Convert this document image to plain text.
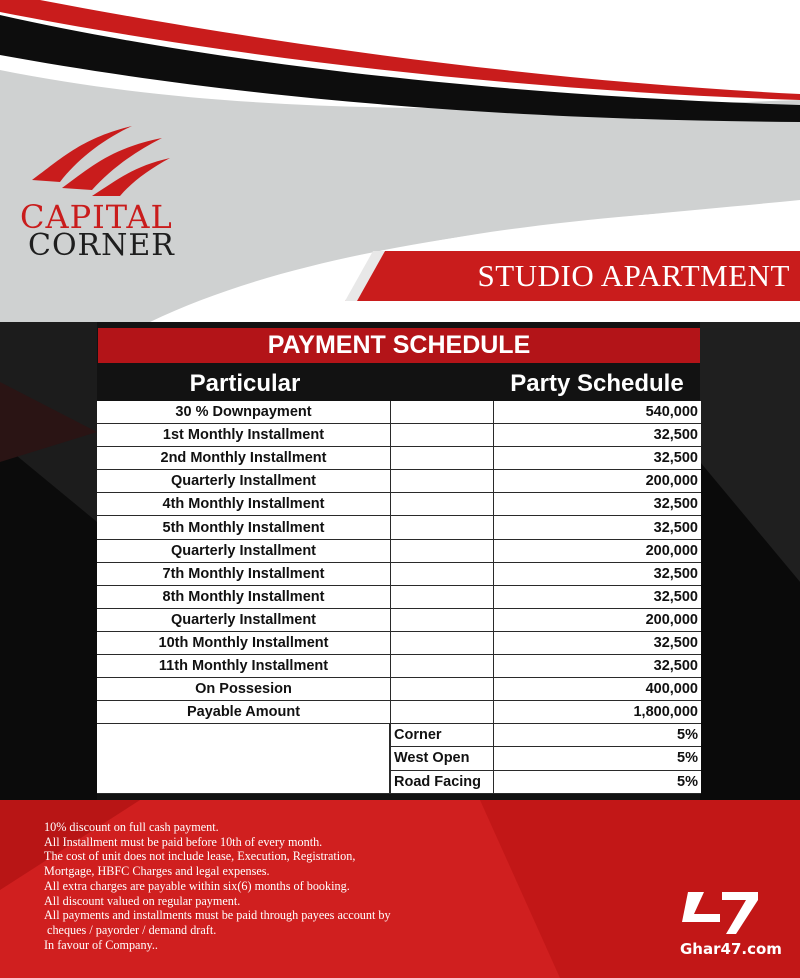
CAPITAL
CORNER
STUDIO APARTMENT
PAYMENT SCHEDULE
Particular	Party Schedule
30 % Downpayment	540,000
1st Monthly Installment	32,500
2nd Monthly Installment	32,500
Quarterly Installment	200,000
4th Monthly Installment	32,500
5th Monthly Installment	32,500
Quarterly Installment	200,000
7th Monthly Installment	32,500
8th Monthly Installment	32,500
Quarterly Installment	200,000
10th Monthly Installment	32,500
11th Monthly Installment	32,500
On Possesion	400,000
Payable Amount	1,800,000
Corner	5%
West Open	5%
Road Facing	5%
10% discount on full cash payment.
All Installment must be paid before 10th of every month.
The cost of unit does not include lease, Execution, Registration,
Mortgage, HBFC Charges and legal expenses.
All extra charges are payable within six(6) months of booking.
All discount valued on regular payment.
All payments and installments must be paid through payees account by
cheques / payorder / demand draft.
In favour of Company..	Ghar47.com
